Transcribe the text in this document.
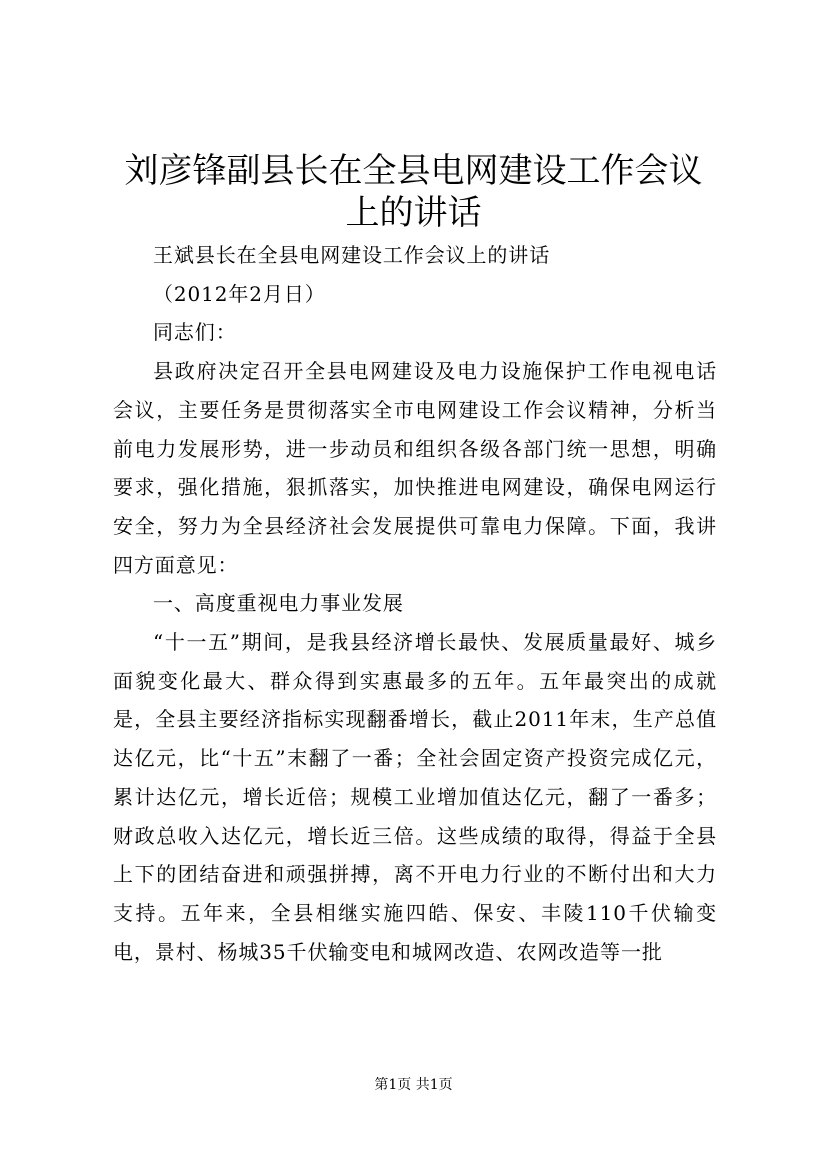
刘彦锋副县长在全县电网建设工作会议上的讲话

王斌县长在全县电网建设工作会议上的讲话

（2012年2月日）

同志们：

县政府决定召开全县电网建设及电力设施保护工作电视电话会议，主要任务是贯彻落实全市电网建设工作会议精神，分析当前电力发展形势，进一步动员和组织各级各部门统一思想，明确要求，强化措施，狠抓落实，加快推进电网建设，确保电网运行安全，努力为全县经济社会发展提供可靠电力保障。下面，我讲四方面意见：

一、高度重视电力事业发展

“十一五”期间，是我县经济增长最快、发展质量最好、城乡面貌变化最大、群众得到实惠最多的五年。五年最突出的成就是，全县主要经济指标实现翻番增长，截止2011年末，生产总值达亿元，比“十五”末翻了一番；全社会固定资产投资完成亿元，累计达亿元，增长近倍；规模工业增加值达亿元，翻了一番多；财政总收入达亿元，增长近三倍。这些成绩的取得，得益于全县上下的团结奋进和顽强拼搏，离不开电力行业的不断付出和大力支持。五年来，全县相继实施四皓、保安、丰陵110千伏输变电，景村、杨城35千伏输变电和城网改造、农网改造等一批

第1页 共1页
